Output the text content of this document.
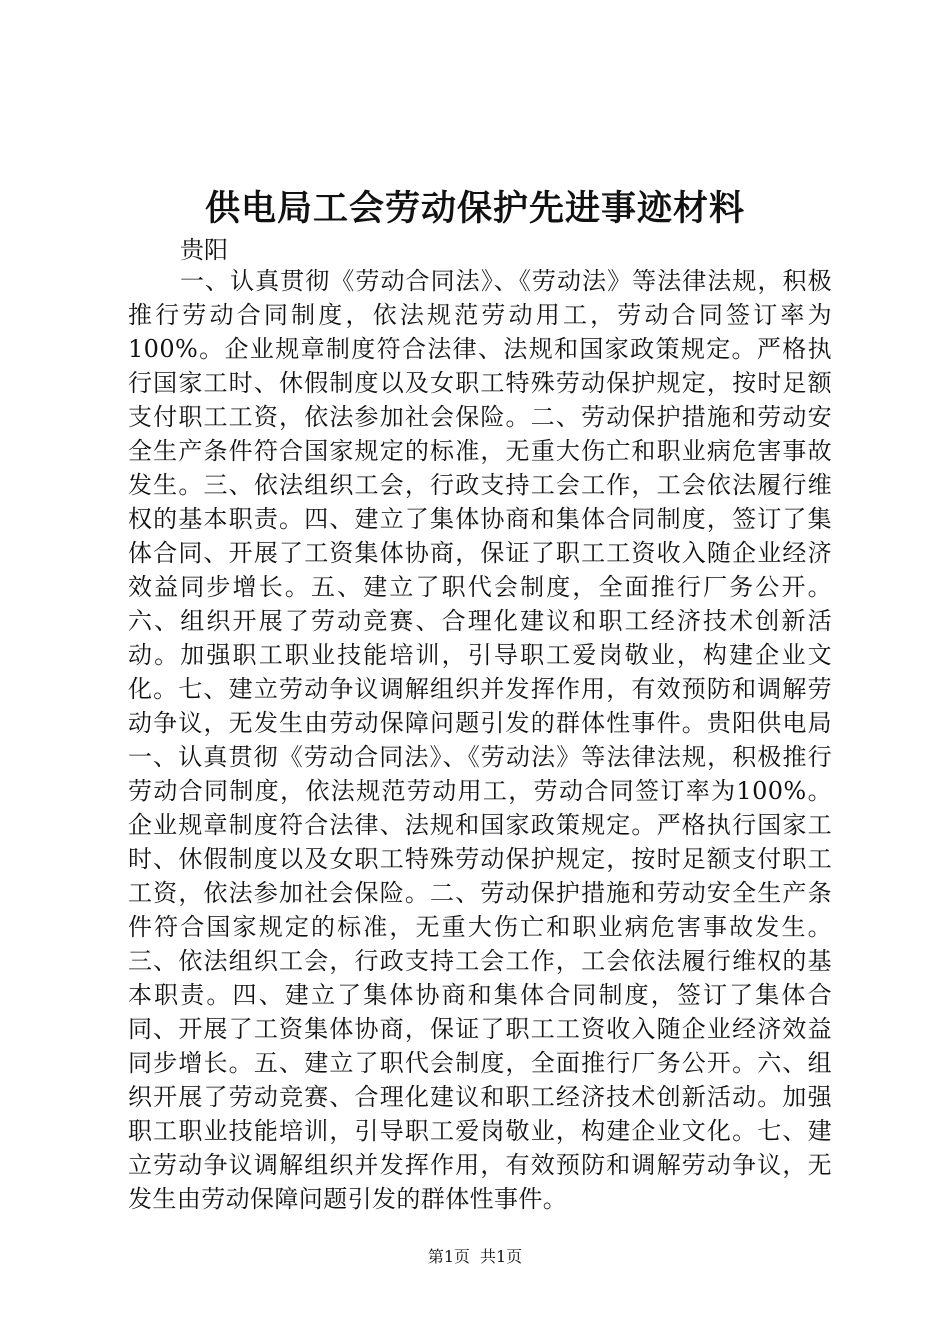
供电局工会劳动保护先进事迹材料

贵阳

一、认真贯彻《劳动合同法》、《劳动法》等法律法规，积极推行劳动合同制度，依法规范劳动用工，劳动合同签订率为100%。企业规章制度符合法律、法规和国家政策规定。严格执行国家工时、休假制度以及女职工特殊劳动保护规定，按时足额支付职工工资，依法参加社会保险。二、劳动保护措施和劳动安全生产条件符合国家规定的标准，无重大伤亡和职业病危害事故发生。三、依法组织工会，行政支持工会工作，工会依法履行维权的基本职责。四、建立了集体协商和集体合同制度，签订了集体合同、开展了工资集体协商，保证了职工工资收入随企业经济效益同步增长。五、建立了职代会制度，全面推行厂务公开。六、组织开展了劳动竞赛、合理化建议和职工经济技术创新活动。加强职工职业技能培训，引导职工爱岗敬业，构建企业文化。七、建立劳动争议调解组织并发挥作用，有效预防和调解劳动争议，无发生由劳动保障问题引发的群体性事件。贵阳供电局一、认真贯彻《劳动合同法》、《劳动法》等法律法规，积极推行劳动合同制度，依法规范劳动用工，劳动合同签订率为100%。企业规章制度符合法律、法规和国家政策规定。严格执行国家工时、休假制度以及女职工特殊劳动保护规定，按时足额支付职工工资，依法参加社会保险。二、劳动保护措施和劳动安全生产条件符合国家规定的标准，无重大伤亡和职业病危害事故发生。三、依法组织工会，行政支持工会工作，工会依法履行维权的基本职责。四、建立了集体协商和集体合同制度，签订了集体合同、开展了工资集体协商，保证了职工工资收入随企业经济效益同步增长。五、建立了职代会制度，全面推行厂务公开。六、组织开展了劳动竞赛、合理化建议和职工经济技术创新活动。加强职工职业技能培训，引导职工爱岗敬业，构建企业文化。七、建立劳动争议调解组织并发挥作用，有效预防和调解劳动争议，无发生由劳动保障问题引发的群体性事件。

第1页 共1页
